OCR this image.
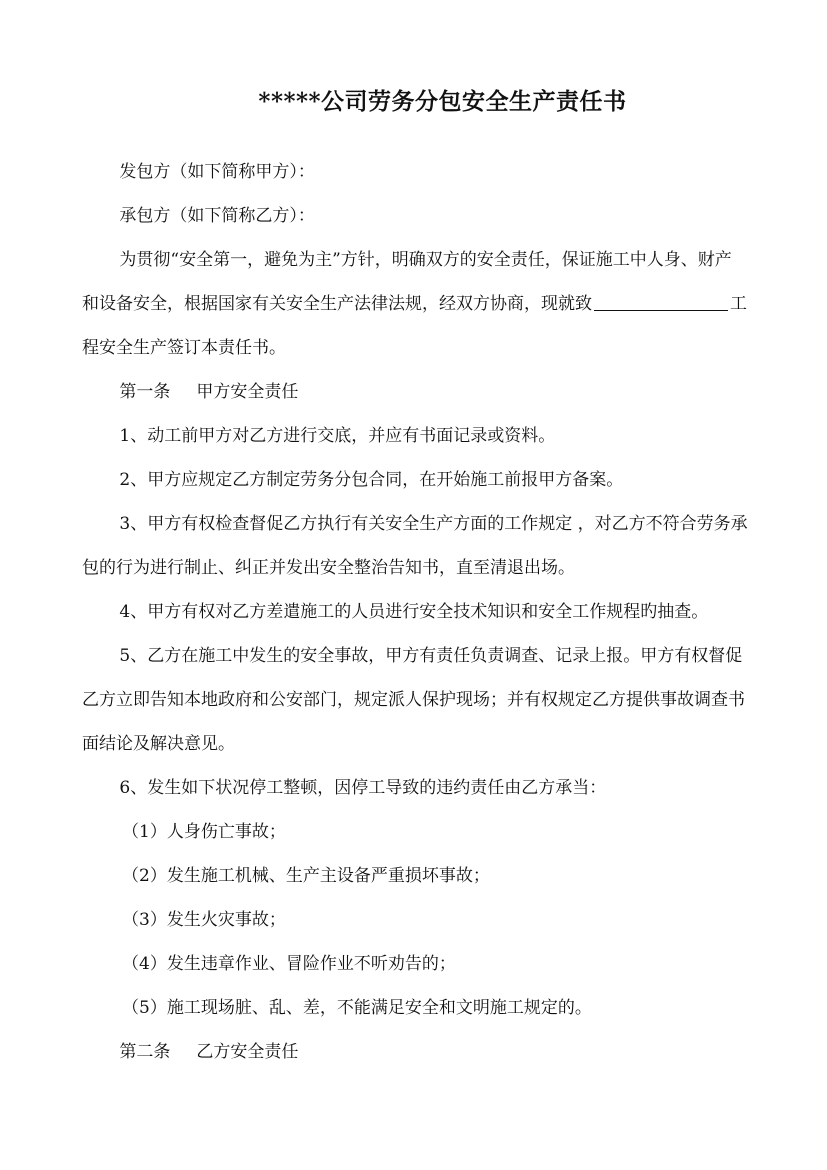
*****公司劳务分包安全生产责任书

发包方（如下简称甲方）：

承包方（如下简称乙方）：

为贯彻“安全第一，避免为主”方针，明确双方的安全责任，保证施工中人身、财产和设备安全，根据国家有关安全生产法律法规，经双方协商，现就致	工程安全生产签订本责任书。

第一条 甲方安全责任

1、动工前甲方对乙方进行交底，并应有书面记录或资料。

2、甲方应规定乙方制定劳务分包合同，在开始施工前报甲方备案。

3、甲方有权检查督促乙方执行有关安全生产方面的工作规定 ，对乙方不符合劳务承包的行为进行制止、纠正并发出安全整治告知书，直至清退出场。

4、甲方有权对乙方差遣施工的人员进行安全技术知识和安全工作规程旳抽查。

5、乙方在施工中发生的安全事故，甲方有责任负责调查、记录上报。甲方有权督促乙方立即告知本地政府和公安部门，规定派人保护现场；并有权规定乙方提供事故调查书面结论及解决意见。

6、发生如下状况停工整顿，因停工导致的违约责任由乙方承当：

（1）人身伤亡事故；

（2）发生施工机械、生产主设备严重损坏事故；

（3）发生火灾事故；

（4）发生违章作业、冒险作业不听劝告的；

（5）施工现场脏、乱、差，不能满足安全和文明施工规定的。

第二条 乙方安全责任
